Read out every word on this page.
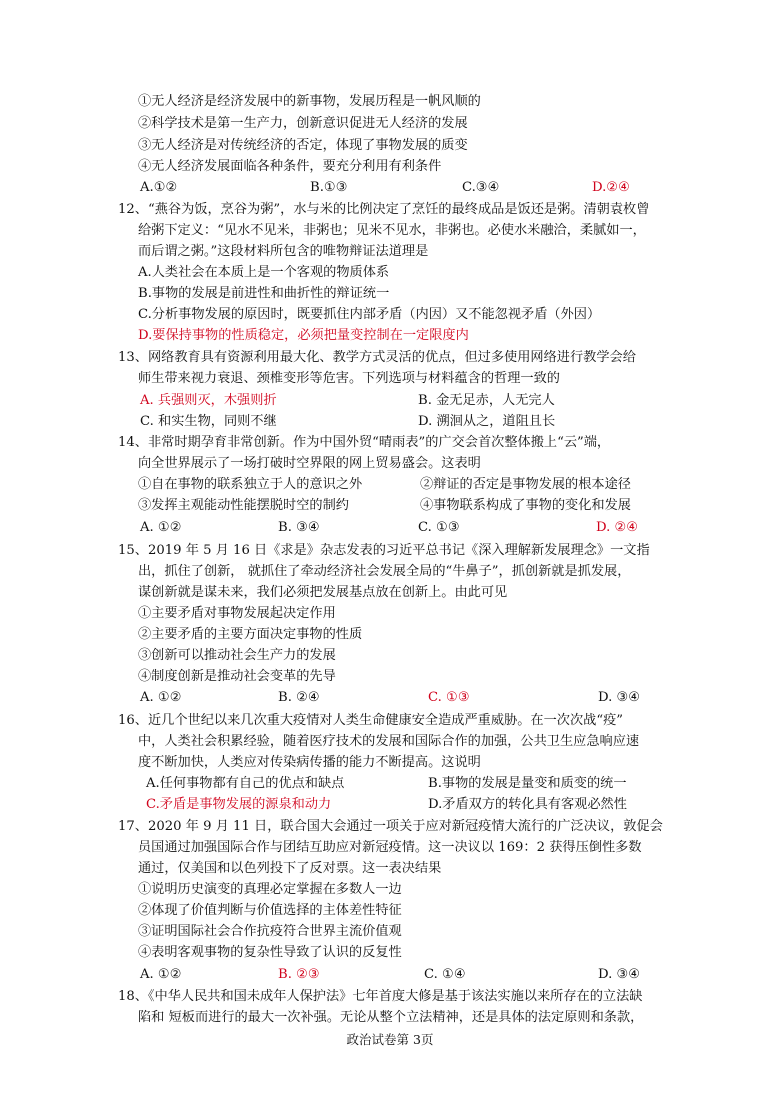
①无人经济是经济发展中的新事物，发展历程是一帆风顺的
②科学技术是第一生产力，创新意识促进无人经济的发展
③无人经济是对传统经济的否定，体现了事物发展的质变
④无人经济发展面临各种条件，要充分利用有利条件
A.①②	B.①③	C.③④	D.②④
12、“燕谷为饭，烹谷为粥”，水与米的比例决定了烹饪的最终成品是饭还是粥。清朝袁枚曾
给粥下定义：“见水不见米，非粥也；见米不见水，非粥也。必使水米融洽，柔腻如一，
而后谓之粥。”这段材料所包含的唯物辩证法道理是
A.人类社会在本质上是一个客观的物质体系
B.事物的发展是前进性和曲折性的辩证统一
C.分析事物发展的原因时，既要抓住内部矛盾（内因）又不能忽视矛盾（外因）
D.要保持事物的性质稳定，必须把量变控制在一定限度内
13、网络教育具有资源利用最大化、教学方式灵活的优点，但过多使用网络进行教学会给
师生带来视力衰退、颈椎变形等危害。下列选项与材料蕴含的哲理一致的
A. 兵强则灭，木强则折	B. 金无足赤，人无完人
C. 和实生物，同则不继	D. 溯洄从之，道阻且长
14、非常时期孕育非常创新。作为中国外贸“晴雨表”的广交会首次整体搬上“云”端，
向全世界展示了一场打破时空界限的网上贸易盛会。这表明
①自在事物的联系独立于人的意识之外	②辩证的否定是事物发展的根本途径
③发挥主观能动性能摆脱时空的制约	④事物联系构成了事物的变化和发展
A. ①②	B. ③④	C. ①③	D. ②④
15、2019 年 5 月 16 日《求是》杂志发表的习近平总书记《深入理解新发展理念》一文指
出，抓住了创新， 就抓住了牵动经济社会发展全局的“牛鼻子”，抓创新就是抓发展，
谋创新就是谋未来，我们必须把发展基点放在创新上。由此可见
①主要矛盾对事物发展起决定作用
②主要矛盾的主要方面决定事物的性质
③创新可以推动社会生产力的发展
④制度创新是推动社会变革的先导
A. ①②	B. ②④	C. ①③	D. ③④
16、近几个世纪以来几次重大疫情对人类生命健康安全造成严重威胁。在一次次战“疫”
中，人类社会积累经验，随着医疗技术的发展和国际合作的加强，公共卫生应急响应速
度不断加快，人类应对传染病传播的能力不断提高。这说明
A.任何事物都有自己的优点和缺点	B.事物的发展是量变和质变的统一
C.矛盾是事物发展的源泉和动力	D.矛盾双方的转化具有客观必然性
17、2020 年 9 月 11 日，联合国大会通过一项关于应对新冠疫情大流行的广泛决议，敦促会
员国通过加强国际合作与团结互助应对新冠疫情。这一决议以 169：2 获得压倒性多数
通过，仅美国和以色列投下了反对票。这一表决结果
①说明历史演变的真理必定掌握在多数人一边
②体现了价值判断与价值选择的主体差性特征
③证明国际社会合作抗疫符合世界主流价值观
④表明客观事物的复杂性导致了认识的反复性
A. ①②	B. ②③	C. ①④	D. ③④
18、《中华人民共和国未成年人保护法》七年首度大修是基于该法实施以来所存在的立法缺
陷和 短板而进行的最大一次补强。无论从整个立法精神，还是具体的法定原则和条款，
政治试卷第 3页
